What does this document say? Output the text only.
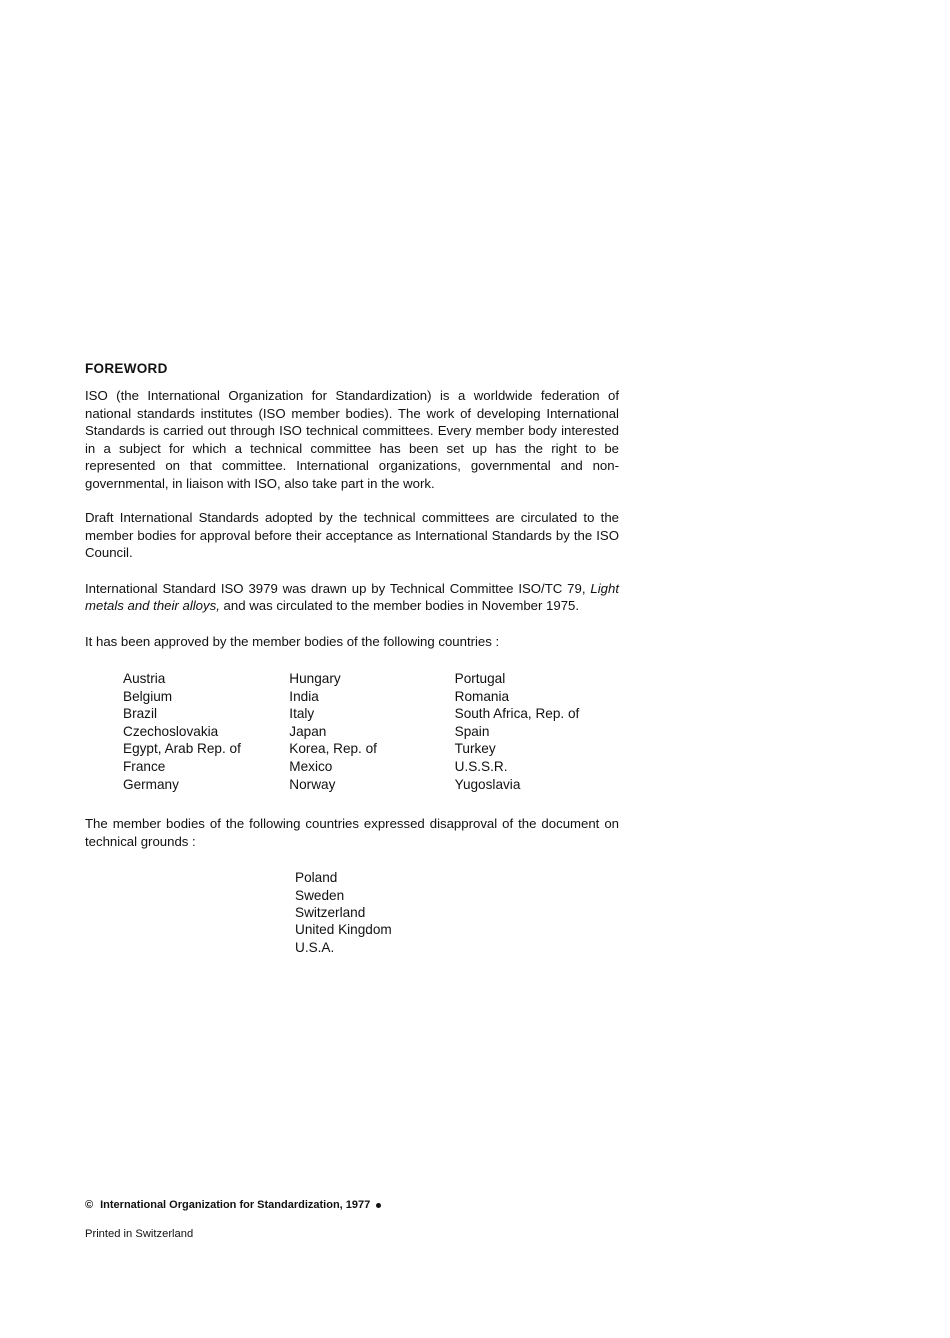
FOREWORD

ISO (the International Organization for Standardization) is a worldwide federation of national standards institutes (ISO member bodies). The work of developing International Standards is carried out through ISO technical committees. Every member body interested in a subject for which a technical committee has been set up has the right to be represented on that committee. International organizations, governmental and non-governmental, in liaison with ISO, also take part in the work.

Draft International Standards adopted by the technical committees are circulated to the member bodies for approval before their acceptance as International Standards by the ISO Council.

International Standard ISO 3979 was drawn up by Technical Committee ISO/TC 79, Light metals and their alloys, and was circulated to the member bodies in November 1975.

It has been approved by the member bodies of the following countries :

Austria
Belgium
Brazil
Czechoslovakia
Egypt, Arab Rep. of
France
Germany
Hungary
India
Italy
Japan
Korea, Rep. of
Mexico
Norway
Portugal
Romania
South Africa, Rep. of
Spain
Turkey
U.S.S.R.
Yugoslavia

The member bodies of the following countries expressed disapproval of the document on technical grounds :

Poland
Sweden
Switzerland
United Kingdom
U.S.A.
© International Organization for Standardization, 1977
Printed in Switzerland
